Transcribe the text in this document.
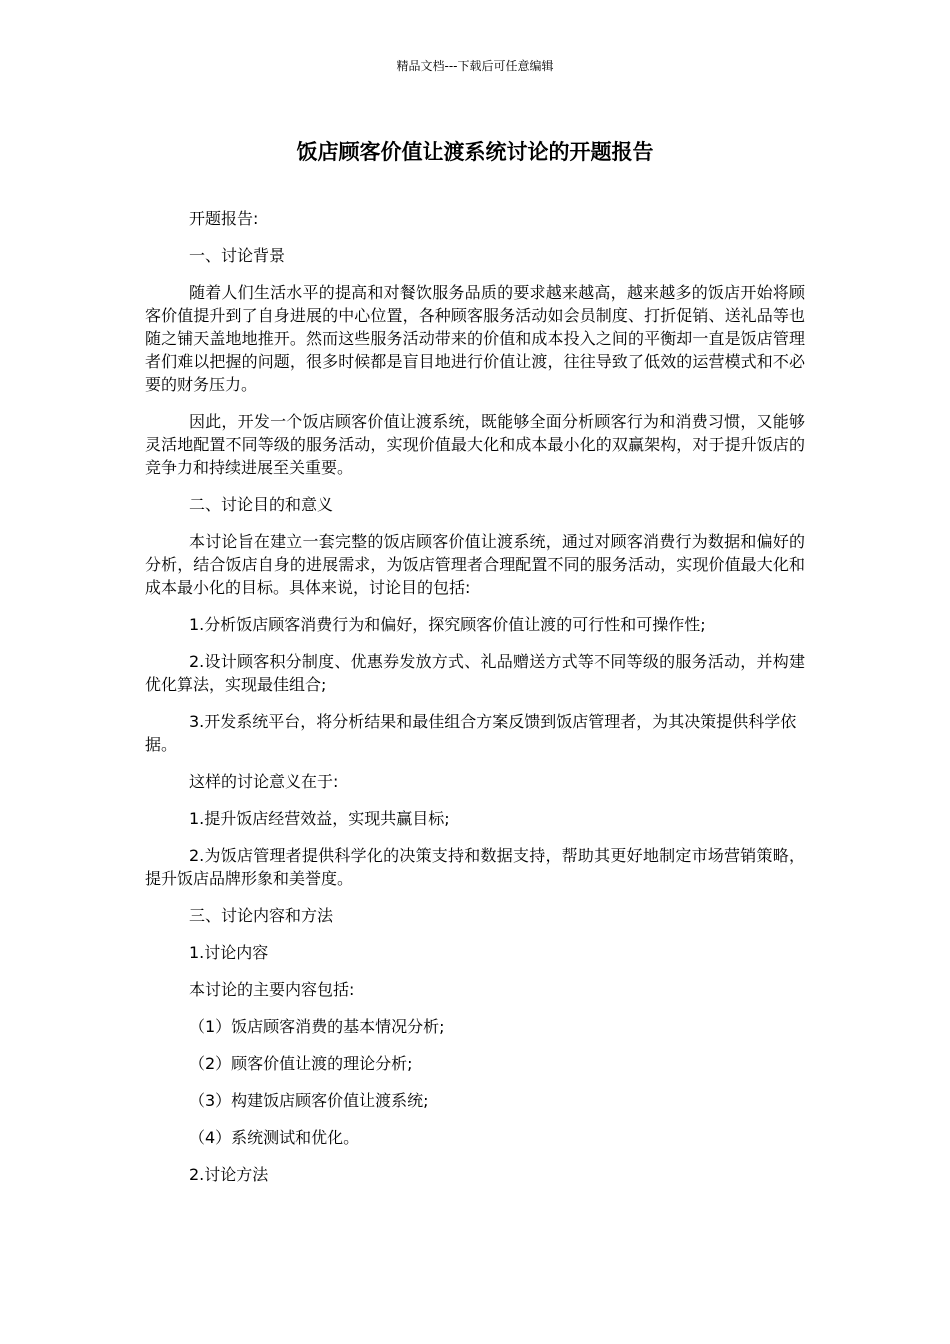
精品文档---下载后可任意编辑
饭店顾客价值让渡系统讨论的开题报告

开题报告:

一、讨论背景

随着人们生活水平的提高和对餐饮服务品质的要求越来越高，越来越多的饭店开始将顾客价值提升到了自身进展的中心位置，各种顾客服务活动如会员制度、打折促销、送礼品等也随之铺天盖地地推开。然而这些服务活动带来的价值和成本投入之间的平衡却一直是饭店管理者们难以把握的问题，很多时候都是盲目地进行价值让渡，往往导致了低效的运营模式和不必要的财务压力。

因此，开发一个饭店顾客价值让渡系统，既能够全面分析顾客行为和消费习惯，又能够灵活地配置不同等级的服务活动，实现价值最大化和成本最小化的双赢架构，对于提升饭店的竞争力和持续进展至关重要。

二、讨论目的和意义

本讨论旨在建立一套完整的饭店顾客价值让渡系统，通过对顾客消费行为数据和偏好的分析，结合饭店自身的进展需求，为饭店管理者合理配置不同的服务活动，实现价值最大化和成本最小化的目标。具体来说，讨论目的包括:

1.分析饭店顾客消费行为和偏好，探究顾客价值让渡的可行性和可操作性;

2.设计顾客积分制度、优惠券发放方式、礼品赠送方式等不同等级的服务活动，并构建优化算法，实现最佳组合;

3.开发系统平台，将分析结果和最佳组合方案反馈到饭店管理者，为其决策提供科学依据。

这样的讨论意义在于:

1.提升饭店经营效益，实现共赢目标;

2.为饭店管理者提供科学化的决策支持和数据支持，帮助其更好地制定市场营销策略，提升饭店品牌形象和美誉度。

三、讨论内容和方法

1.讨论内容

本讨论的主要内容包括:

（1）饭店顾客消费的基本情况分析;

（2）顾客价值让渡的理论分析;

（3）构建饭店顾客价值让渡系统;

（4）系统测试和优化。

2.讨论方法
